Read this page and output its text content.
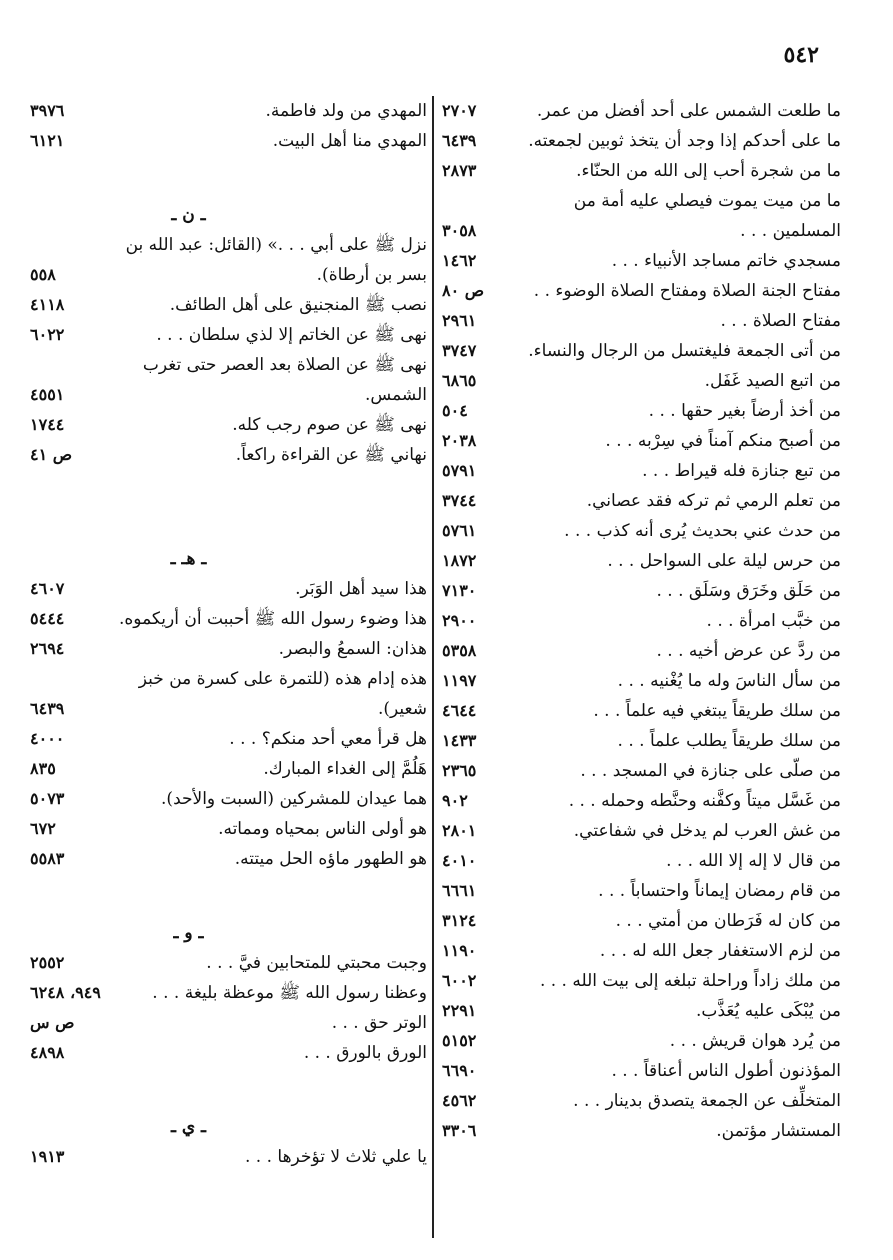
٥٤٢
ما طلعت الشمس على أحد أفضل من عمر.
٢٧٠٧
ما على أحدكم إذا وجد أن يتخذ ثوبين لجمعته.
٦٤٣٩
ما من شجرة أحب إلى الله من الحنّاء.
٢٨٧٣
ما من ميت يموت فيصلي عليه أمة من المسلمين . . .
٣٠٥٨
مسجدي خاتم مساجد الأنبياء . . .
١٤٦٢
مفتاح الجنة الصلاة ومفتاح الصلاة الوضوء . .
ص ٨٠
مفتاح الصلاة . . .
٢٩٦١
من أتى الجمعة فليغتسل من الرجال والنساء.
٣٧٤٧
من اتبع الصيد غَفَل.
٦٨٦٥
من أخذ أرضاً بغير حقها . . .
٥٠٤
من أصبح منكم آمناً في سِرْبه . . .
٢٠٣٨
من تبع جنازة فله قيراط . . .
٥٧٩١
من تعلم الرمي ثم تركه فقد عصاني.
٣٧٤٤
من حدث عني بحديث يُرى أنه كذب . . .
٥٧٦١
من حرس ليلة على السواحل . . .
١٨٧٢
من حَلَق وخَرَق وسَلَق . . .
٧١٣٠
من خبَّب امرأة . . .
٢٩٠٠
من ردَّ عن عرض أخيه . . .
٥٣٥٨
من سأل الناسَ وله ما يُغْنيه . . .
١١٩٧
من سلك طريقاً يبتغي فيه علماً . . .
٤٦٤٤
من سلك طريقاً يطلب علماً . . .
١٤٣٣
من صلّى على جنازة في المسجد . . .
٢٣٦٥
من غَسَّل ميتاً وكفَّنه وحنَّطه وحمله . . .
٩٠٢
من غش العرب لم يدخل في شفاعتي.
٢٨٠١
من قال لا إله إلا الله . . .
٤٠١٠
من قام رمضان إيماناً واحتساباً . . .
٦٦٦١
من كان له فَرَطان من أمتي . . .
٣١٢٤
من لزم الاستغفار جعل الله له . . .
١١٩٠
من ملك زاداً وراحلة تبلغه إلى بيت الله . . .
٦٠٠٢
من يُبْكَى عليه يُعَذَّب.
٢٢٩١
من يُرد هوان قريش . . .
٥١٥٢
المؤذنون أطول الناس أعناقاً . . .
٦٦٩٠
المتخلِّف عن الجمعة يتصدق بدينار . . .
٤٥٦٢
المستشار مؤتمن.
٣٣٠٦
المهدي من ولد فاطمة.
٣٩٧٦
المهدي منا أهل البيت.
٦١٢١
ـ ن ـ
نزل ﷺ على أبي . . .» (القائل: عبد الله بن بسر بن أرطاة).
٥٥٨
نصب ﷺ المنجنيق على أهل الطائف.
٤١١٨
نهى ﷺ عن الخاتم إلا لذي سلطان . . .
٦٠٢٢
نهى ﷺ عن الصلاة بعد العصر حتى تغرب الشمس.
٤٥٥١
نهى ﷺ عن صوم رجب كله.
١٧٤٤
نهاني ﷺ عن القراءة راكعاً.
ص ٤١
ـ هـ ـ
هذا سيد أهل الوَبَر.
٤٦٠٧
هذا وضوء رسول الله ﷺ أحببت أن أريكموه.
٥٤٤٤
هذان: السمعُ والبصر.
٢٦٩٤
هذه إدام هذه (للتمرة على كسرة من خبز شعير).
٦٤٣٩
هل قرأ معي أحد منكم؟ . . .
٤٠٠٠
هَلُمَّ إلى الغداء المبارك.
٨٣٥
هما عيدان للمشركين (السبت والأحد).
٥٠٧٣
هو أولى الناس بمحياه ومماته.
٦٧٢
هو الطهور ماؤه الحل ميتته.
٥٥٨٣
ـ و ـ
وجبت محبتي للمتحابين فيَّ . . .
٢٥٥٢
وعظنا رسول الله ﷺ موعظة بليغة . . .
٩٤٩، ٦٢٤٨
الوتر حق . . .
ص س
الورق بالورق . . .
٤٨٩٨
ـ ي ـ
يا علي ثلاث لا تؤخرها . . .
١٩١٣
